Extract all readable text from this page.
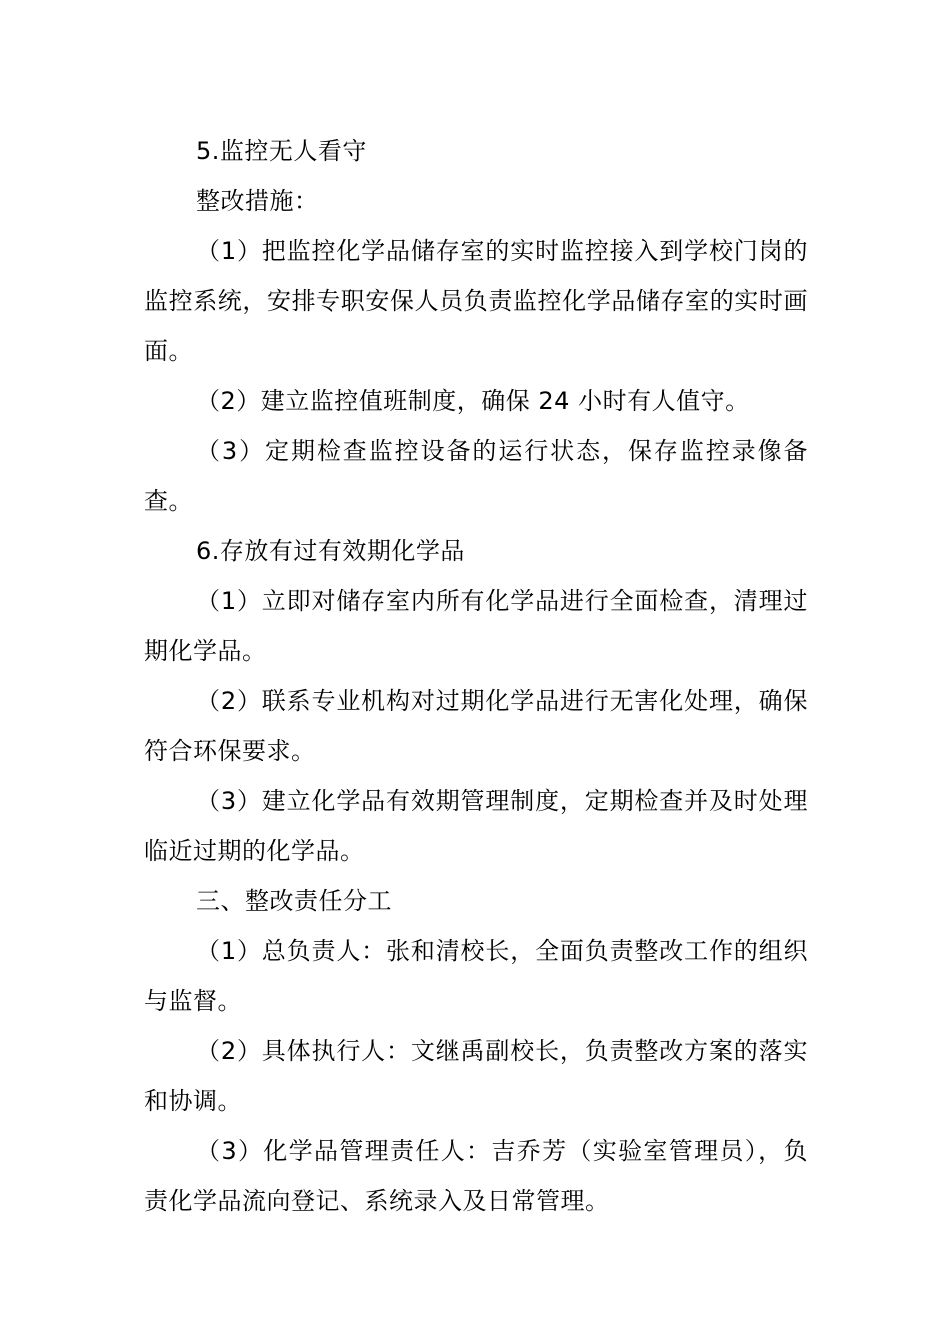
5.监控无人看守

整改措施：

（1）把监控化学品储存室的实时监控接入到学校门岗的监控系统，安排专职安保人员负责监控化学品储存室的实时画面。

（2）建立监控值班制度，确保 24 小时有人值守。

（3）定期检查监控设备的运行状态，保存监控录像备查。

6.存放有过有效期化学品

（1）立即对储存室内所有化学品进行全面检查，清理过期化学品。

（2）联系专业机构对过期化学品进行无害化处理，确保符合环保要求。

（3）建立化学品有效期管理制度，定期检查并及时处理临近过期的化学品。

三、整改责任分工

（1）总负责人：张和清校长，全面负责整改工作的组织与监督。

（2）具体执行人：文继禹副校长，负责整改方案的落实和协调。

（3）化学品管理责任人：吉乔芳（实验室管理员），负责化学品流向登记、系统录入及日常管理。
